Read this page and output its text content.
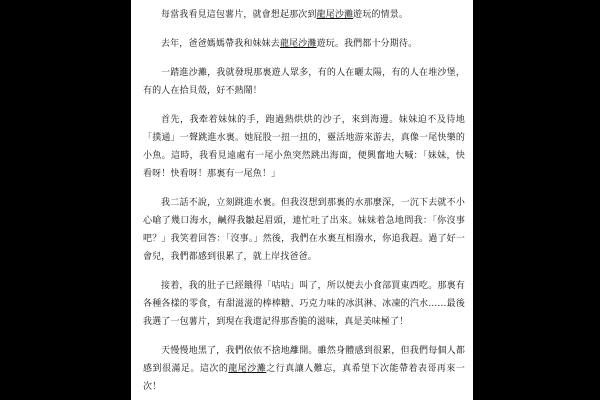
每當我看見這包薯片，就會想起那次到龍尾沙灘遊玩的情景。

去年，爸爸媽媽帶我和妹妹去龍尾沙灘遊玩。我們都十分期待。

一踏進沙灘，我就發現那裏遊人眾多，有的人在曬太陽，有的人在堆沙堡，有的人在拾貝殼，好不熱鬧！

首先，我牽着妹妹的手，跑過熱烘烘的沙子，來到海邊。妹妹迫不及待地「撲通」一聲跳進水裏。她屁股一扭一扭的，靈活地游來游去，真像一尾快樂的小魚。這時，我看見遠處有一尾小魚突然跳出海面，便興奮地大喊：「妹妹，快看呀！快看呀！那裏有一尾魚！」

我二話不說，立刻跳進水裏。但我沒想到那裏的水那麼深，一沉下去就不小心嗆了幾口海水，鹹得我皺起眉頭，連忙吐了出來。妹妹着急地問我：「你沒事吧？」我笑着回答：「沒事。」然後，我們在水裏互相潑水，你追我趕。過了好一會兒，我們都感到很累了，就上岸找爸爸。

接着，我的肚子已經餓得「咕咕」叫了，所以便去小食部買東西吃。那裏有各種各樣的零食，有甜滋滋的棒棒糖、巧克力味的冰淇淋、冰凍的汽水……最後我選了一包薯片，到現在我還記得那香脆的滋味，真是美味極了！

天慢慢地黑了，我們依依不捨地離開。雖然身體感到很累，但我們每個人都感到很滿足。這次的龍尾沙灘之行真讓人難忘，真希望下次能帶着表哥再來一次！
